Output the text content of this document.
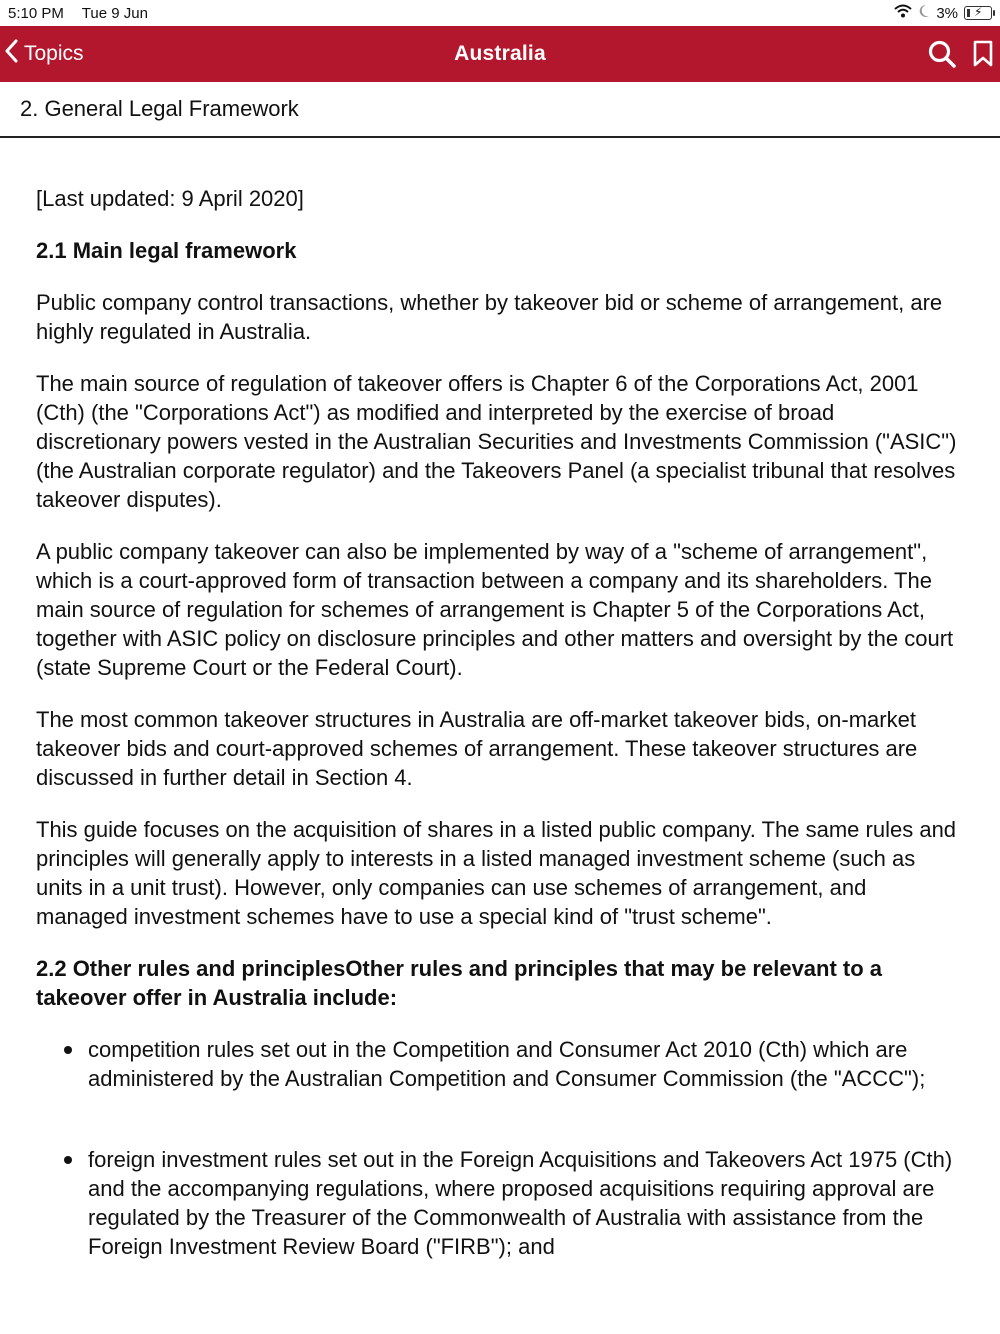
5:10 PM Tue 9 Jun	3% ⚡
Topics	Australia
2. General Legal Framework

[Last updated: 9 April 2020]

2.1 Main legal framework

Public company control transactions, whether by takeover bid or scheme of arrangement, are highly regulated in Australia.

The main source of regulation of takeover offers is Chapter 6 of the Corporations Act, 2001 (Cth) (the "Corporations Act") as modified and interpreted by the exercise of broad discretionary powers vested in the Australian Securities and Investments Commission ("ASIC") (the Australian corporate regulator) and the Takeovers Panel (a specialist tribunal that resolves takeover disputes).

A public company takeover can also be implemented by way of a "scheme of arrangement", which is a court-approved form of transaction between a company and its shareholders. The main source of regulation for schemes of arrangement is Chapter 5 of the Corporations Act, together with ASIC policy on disclosure principles and other matters and oversight by the court (state Supreme Court or the Federal Court).

The most common takeover structures in Australia are off-market takeover bids, on-market takeover bids and court-approved schemes of arrangement. These takeover structures are discussed in further detail in Section 4.

This guide focuses on the acquisition of shares in a listed public company. The same rules and principles will generally apply to interests in a listed managed investment scheme (such as units in a unit trust). However, only companies can use schemes of arrangement, and managed investment schemes have to use a special kind of "trust scheme".

2.2 Other rules and principlesOther rules and principles that may be relevant to a takeover offer in Australia include:
competition rules set out in the Competition and Consumer Act 2010 (Cth) which are administered by the Australian Competition and Consumer Commission (the "ACCC");
foreign investment rules set out in the Foreign Acquisitions and Takeovers Act 1975 (Cth) and the accompanying regulations, where proposed acquisitions requiring approval are regulated by the Treasurer of the Commonwealth of Australia with assistance from the Foreign Investment Review Board ("FIRB"); and
